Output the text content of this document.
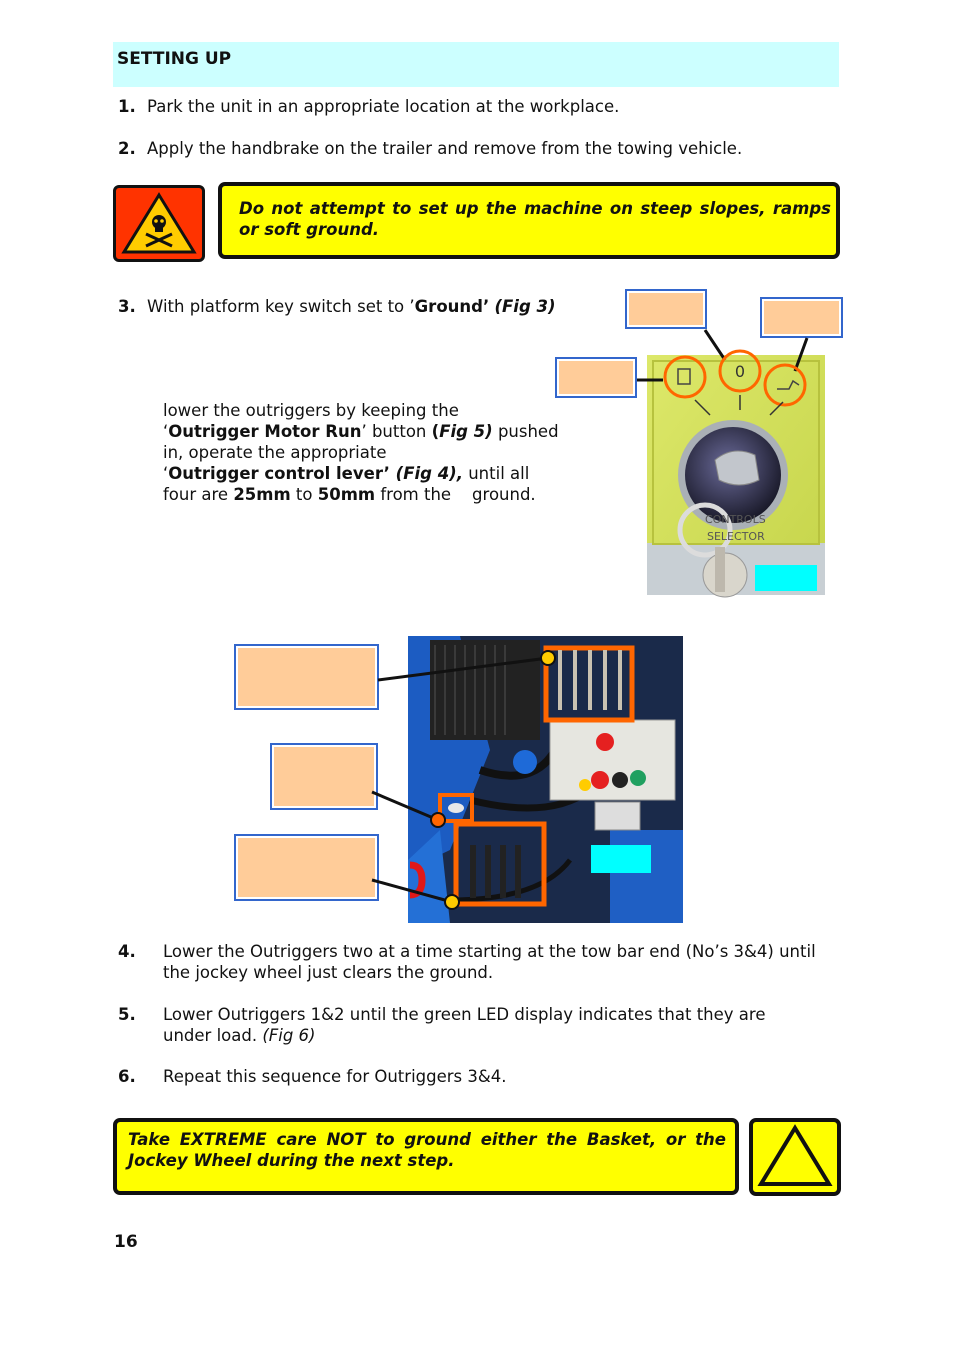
SETTING UP
1. Park the unit in an appropriate location at the workplace.
2. Apply the handbrake on the trailer and remove from the towing vehicle.
Do not attempt to set up the machine on steep slopes, ramps or soft ground.
3. With platform key switch set to ’Ground’ (Fig 3)
lower the outriggers by keeping the
‘Outrigger Motor Run’ button (Fig 5) pushed
in, operate the appropriate
‘Outrigger control lever’ (Fig 4), until all
four are 25mm to 50mm from the    ground.
0
CONTROLS
SELECTOR
4. Lower the Outriggers two at a time starting at the tow bar end (No’s 3&4) until
the jockey wheel just clears the ground.
5. Lower Outriggers 1&2 until the green LED display indicates that they are
under load. (Fig 6)
6. Repeat this sequence for Outriggers 3&4.
Take EXTREME care NOT to ground either the Basket, or the Jockey Wheel during the next step.
16
